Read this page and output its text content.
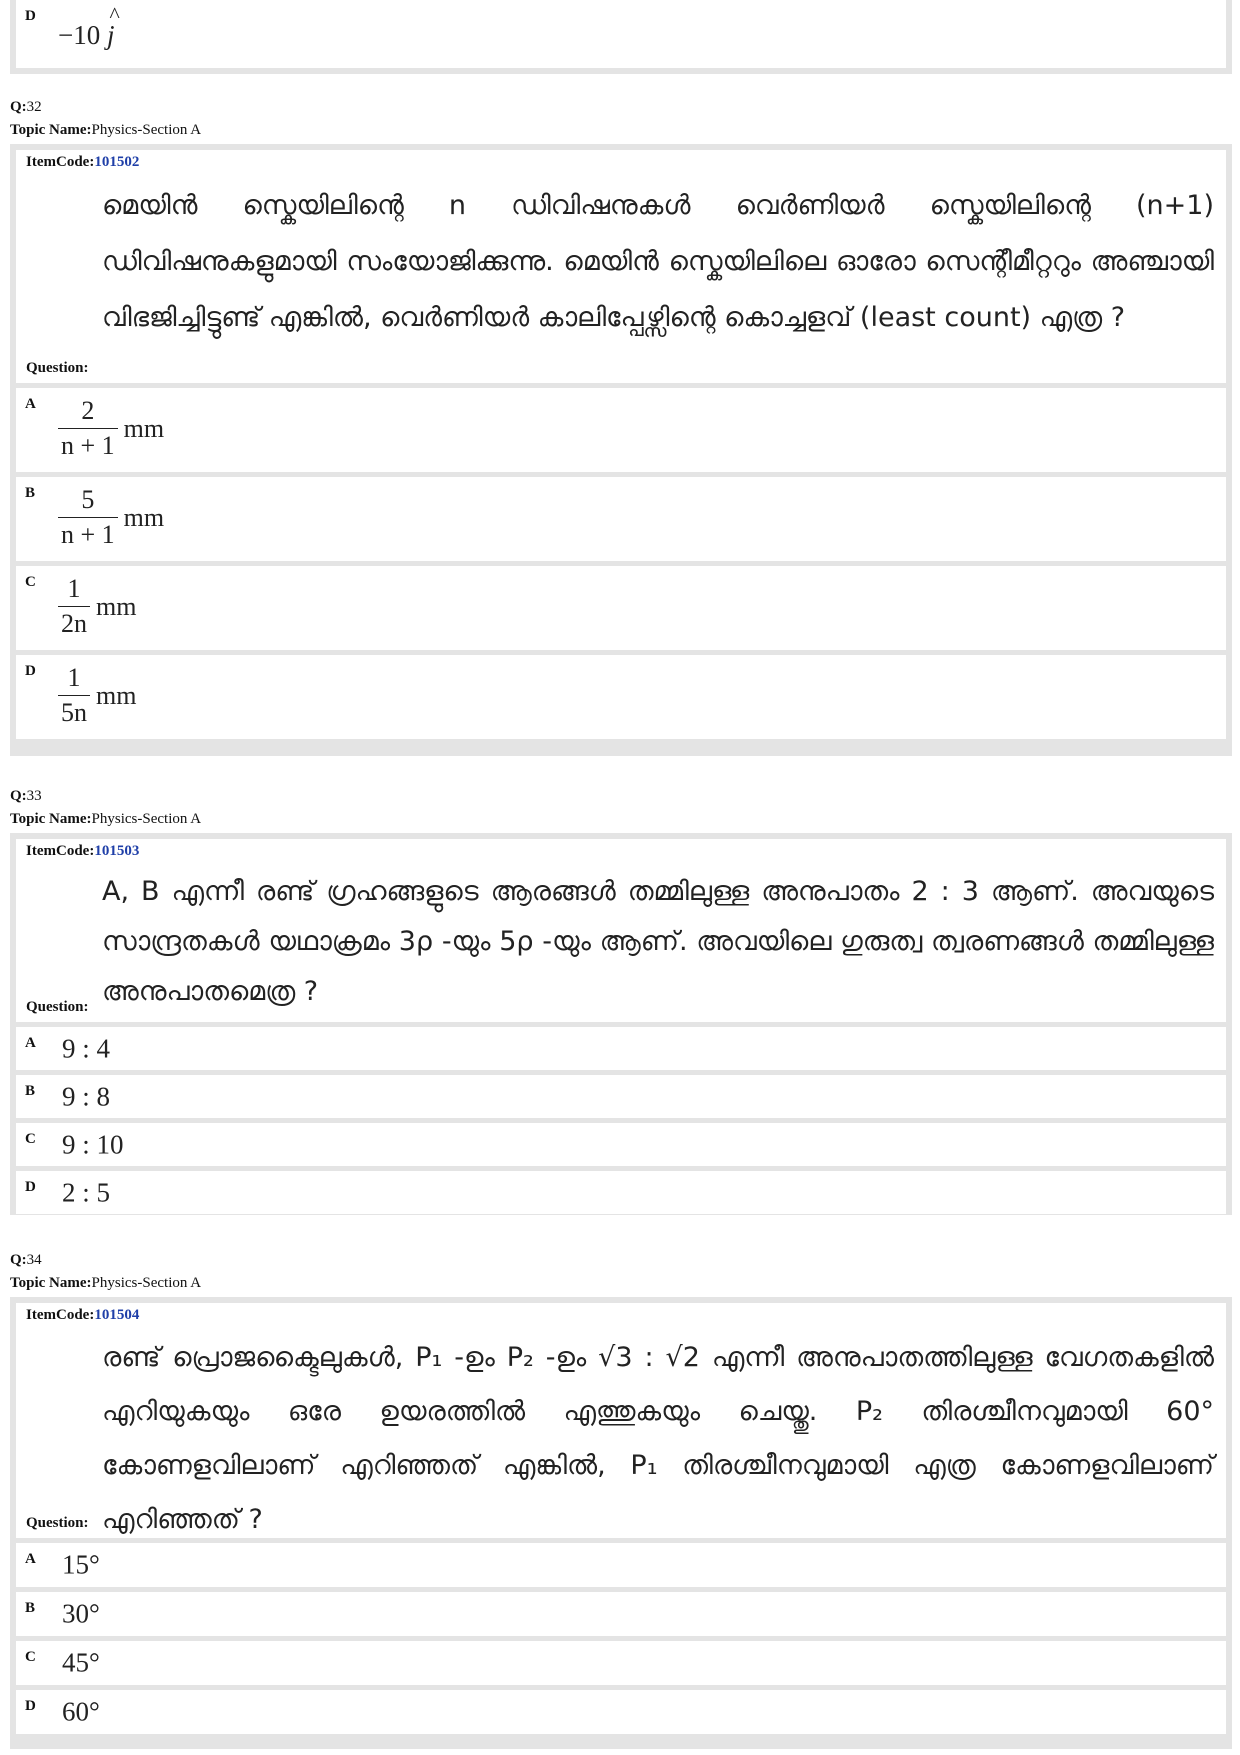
D
−10 ^ j
Q:32
Topic Name:Physics-Section A
ItemCode:101502
മെയിൻ സ്കെയിലിന്റെ n ഡിവിഷനുകൾ വെർണിയർ സ്കെയിലിന്റെ (n+1) ഡിവിഷനുകളുമായി സംയോജിക്കുന്നു. മെയിൻ സ്കെയിലിലെ ഓരോ സെന്റീമീറ്ററും അഞ്ചായി വിഭജിച്ചിട്ടുണ്ട് എങ്കിൽ, വെർണിയർ കാലിപ്പേഴ്സിന്റെ കൊച്ചളവ് (least count) എത്ര ?
Question:
A $\frac{2}{n + 1}$ mm
B $\frac{5}{n + 1}$ mm
C $\frac{1}{2n}$ mm
D $\frac{1}{5n}$ mm
Q:33
Topic Name:Physics-Section A
ItemCode:101503
A, B എന്നീ രണ്ട് ഗ്രഹങ്ങളുടെ ആരങ്ങൾ തമ്മിലുള്ള അനുപാതം 2 : 3 ആണ്. അവയുടെ സാന്ദ്രതകൾ യഥാക്രമം 3ρ -യും 5ρ -യും ആണ്. അവയിലെ ഗുരുത്വ ത്വരണങ്ങൾ തമ്മിലുള്ള അനുപാതമെത്ര ?
Question:
A 9 : 4
B 9 : 8
C 9 : 10
D 2 : 5
Q:34
Topic Name:Physics-Section A
ItemCode:101504
രണ്ട് പ്രൊജക്ടൈലുകൾ, P₁ -ഉം P₂ -ഉം √3 : √2 എന്നീ അനുപാതത്തിലുള്ള വേഗതകളിൽ എറിയുകയും ഒരേ ഉയരത്തിൽ എത്തുകയും ചെയ്തു. P₂ തിരശ്ചീനവുമായി 60° കോണളവിലാണ് എറിഞ്ഞത് എങ്കിൽ, P₁ തിരശ്ചീനവുമായി എത്ര കോണളവിലാണ് എറിഞ്ഞത് ?
Question:
A 15°
B 30°
C 45°
D 60°
